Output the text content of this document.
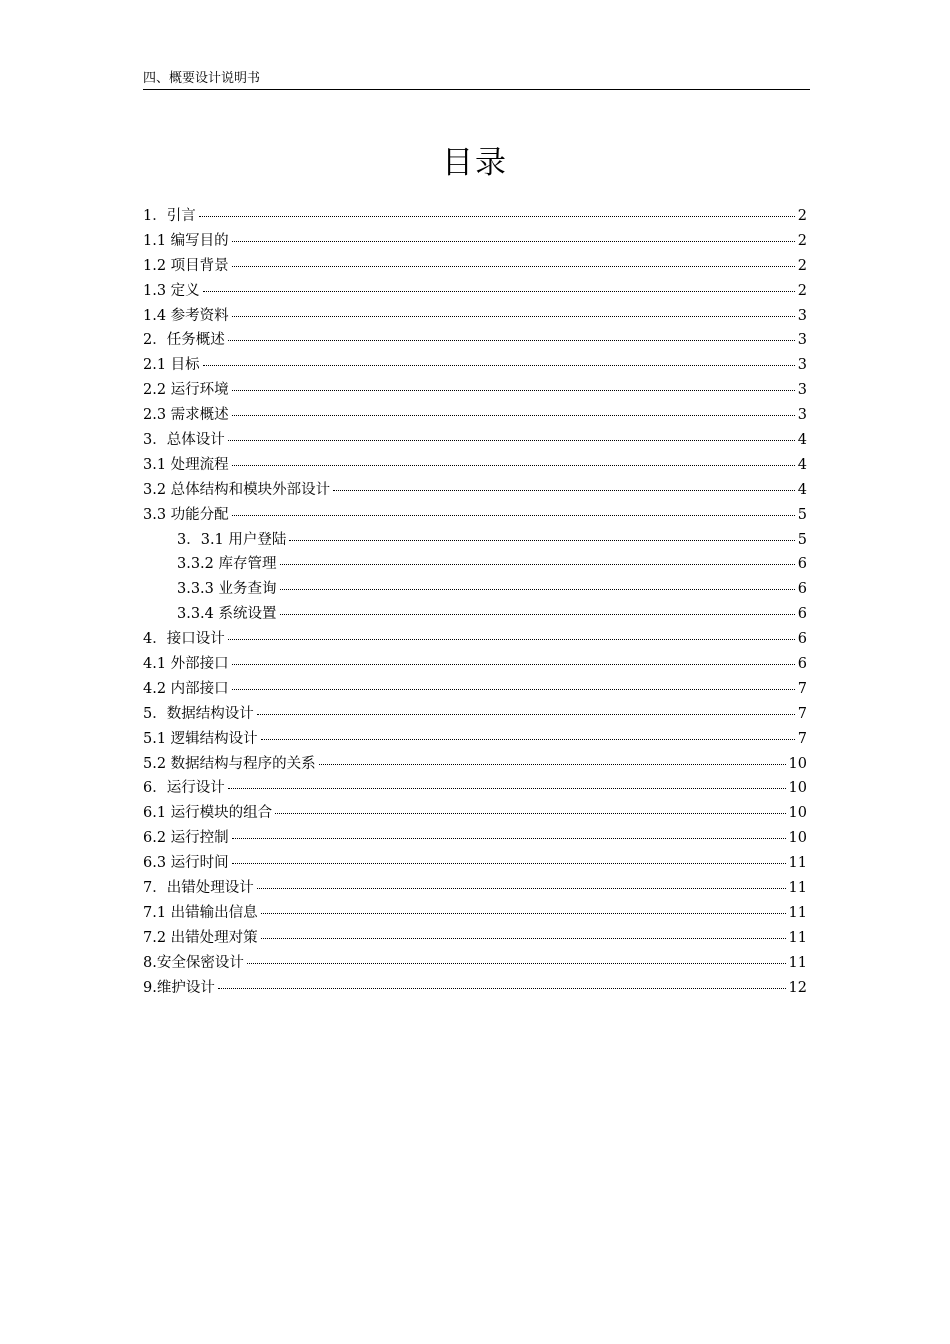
四、概要设计说明书
目录
1．引言	2
1.1 编写目的	2
1.2 项目背景	2
1.3 定义	2
1.4 参考资料	3
2．任务概述	3
2.1 目标	3
2.2 运行环境	3
2.3 需求概述	3
3．总体设计	4
3.1 处理流程	4
3.2 总体结构和模块外部设计	4
3.3 功能分配	5
3．3.1 用户登陆	5
3.3.2 库存管理	6
3.3.3 业务查询	6
3.3.4 系统设置	6
4．接口设计	6
4.1 外部接口	6
4.2 内部接口	7
5．数据结构设计	7
5.1 逻辑结构设计	7
5.2 数据结构与程序的关系	10
6．运行设计	10
6.1 运行模块的组合	10
6.2 运行控制	10
6.3 运行时间	11
7．出错处理设计	11
7.1 出错输出信息	11
7.2 出错处理对策	11
8.安全保密设计	11
9.维护设计	12
